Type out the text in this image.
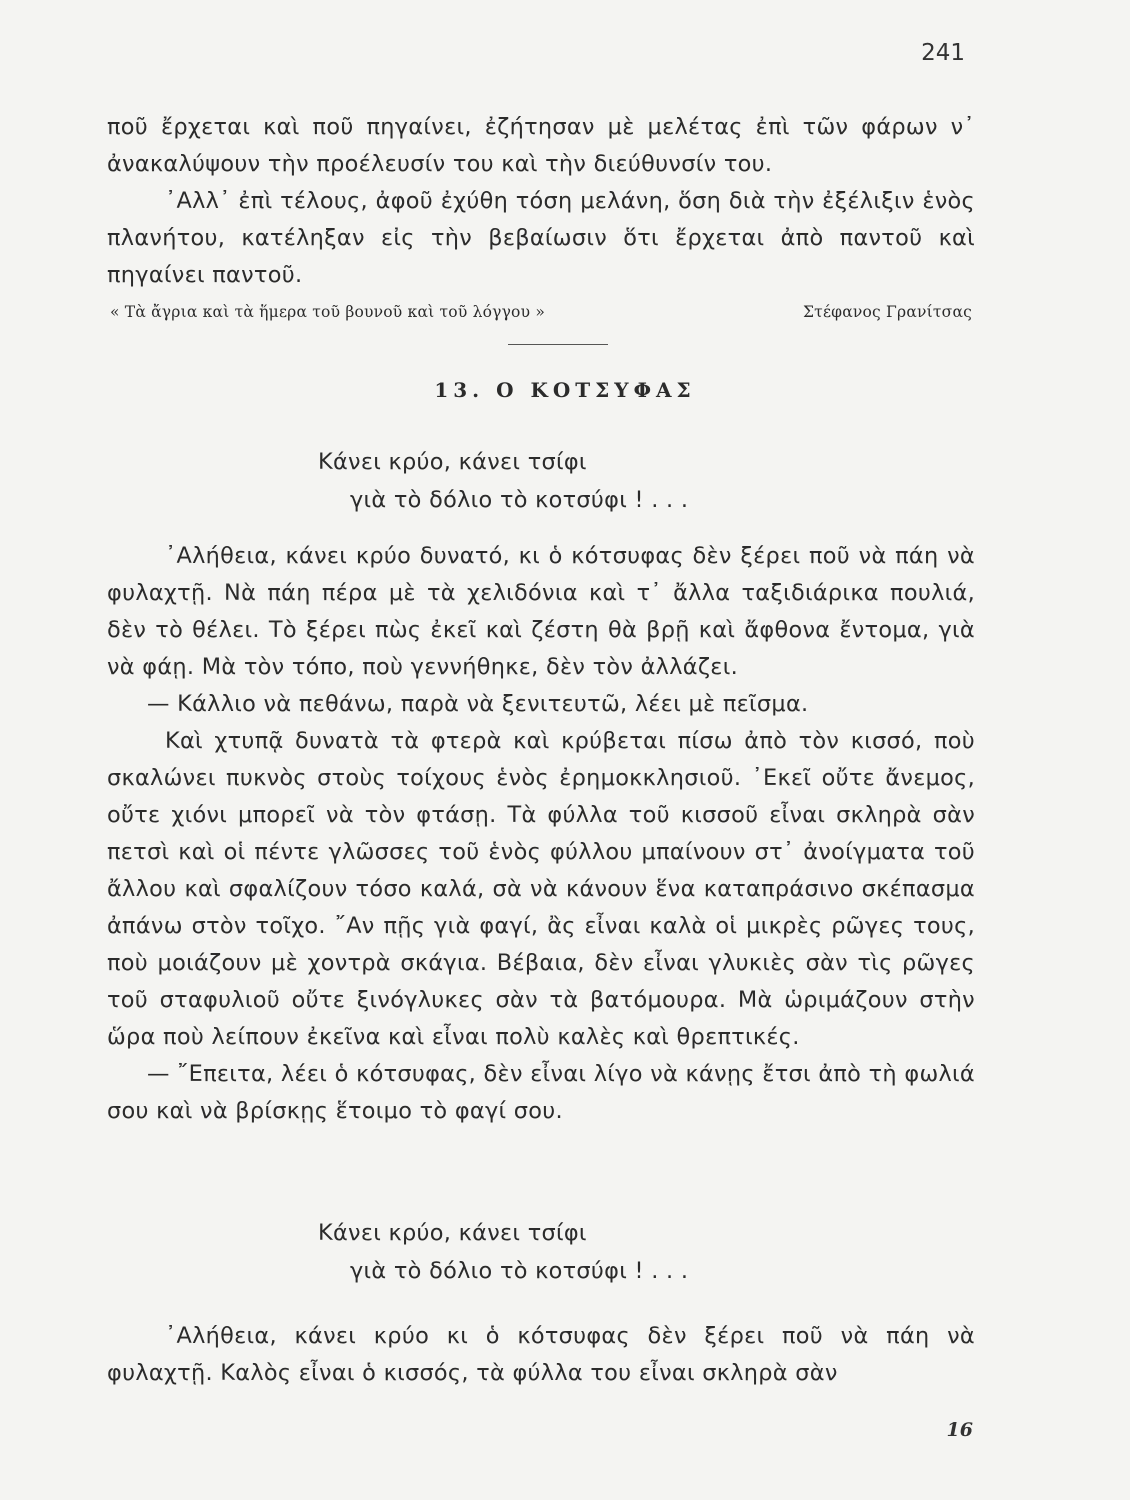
241

ποῦ ἔρχεται καὶ ποῦ πηγαίνει, ἐζήτησαν μὲ μελέτας ἐπὶ τῶν φάρων ν᾿ ἀνακαλύψουν τὴν προέλευσίν του καὶ τὴν διεύθυνσίν του.

᾿Αλλ᾿ ἐπὶ τέλους, ἀφοῦ ἐχύθη τόση μελάνη, ὅση διὰ τὴν ἐξέλιξιν ἑνὸς πλανήτου, κατέληξαν εἰς τὴν βεβαίωσιν ὅτι ἔρχεται ἀπὸ παντοῦ καὶ πηγαίνει παντοῦ.

« Τὰ ἄγρια καὶ τὰ ἥμερα τοῦ βουνοῦ καὶ τοῦ λόγγου »	Στέφανος Γρανίτσας
13. Ο ΚΟΤΣΥΦΑΣ
Κάνει κρύο, κάνει τσίφι
γιὰ τὸ δόλιο τὸ κοτσύφι ! . . .

᾿Αλήθεια, κάνει κρύο δυνατό, κι ὁ κότσυφας δὲν ξέρει ποῦ νὰ πάη νὰ φυλαχτῇ. Νὰ πάη πέρα μὲ τὰ χελιδόνια καὶ τ᾿ ἄλλα ταξιδιάρικα πουλιά, δὲν τὸ θέλει. Τὸ ξέρει πὼς ἐκεῖ καὶ ζέστη θὰ βρῇ καὶ ἄφθονα ἔντομα, γιὰ νὰ φάῃ. Μὰ τὸν τόπο, ποὺ γεννήθηκε, δὲν τὸν ἀλλάζει.

— Κάλλιο νὰ πεθάνω, παρὰ νὰ ξενιτευτῶ, λέει μὲ πεῖσμα.

Καὶ χτυπᾷ δυνατὰ τὰ φτερὰ καὶ κρύβεται πίσω ἀπὸ τὸν κισσό, ποὺ σκαλώνει πυκνὸς στοὺς τοίχους ἑνὸς ἐρημοκκλησιοῦ. ᾿Εκεῖ οὔτε ἄνεμος, οὔτε χιόνι μπορεῖ νὰ τὸν φτάσῃ. Τὰ φύλλα τοῦ κισσοῦ εἶναι σκληρὰ σὰν πετσὶ καὶ οἱ πέντε γλῶσσες τοῦ ἑνὸς φύλλου μπαίνουν στ᾿ ἀνοίγματα τοῦ ἄλλου καὶ σφαλίζουν τόσο καλά, σὰ νὰ κάνουν ἕνα καταπράσινο σκέπασμα ἀπάνω στὸν τοῖχο. ῎Αν πῇς γιὰ φαγί, ἂς εἶναι καλὰ οἱ μικρὲς ρῶγες τους, ποὺ μοιάζουν μὲ χοντρὰ σκάγια. Βέβαια, δὲν εἶναι γλυκιὲς σὰν τὶς ρῶγες τοῦ σταφυλιοῦ οὔτε ξινόγλυκες σὰν τὰ βατόμουρα. Μὰ ὡριμάζουν στὴν ὥρα ποὺ λείπουν ἐκεῖνα καὶ εἶναι πολὺ καλὲς καὶ θρεπτικές.

— ῎Επειτα, λέει ὁ κότσυφας, δὲν εἶναι λίγο νὰ κάνῃς ἔτσι ἀπὸ τὴ φωλιά σου καὶ νὰ βρίσκῃς ἕτοιμο τὸ φαγί σου.

Κάνει κρύο, κάνει τσίφι
γιὰ τὸ δόλιο τὸ κοτσύφι ! . . .

᾿Αλήθεια, κάνει κρύο κι ὁ κότσυφας δὲν ξέρει ποῦ νὰ πάη νὰ φυλαχτῇ. Καλὸς εἶναι ὁ κισσός, τὰ φύλλα του εἶναι σκληρὰ σὰν

16
